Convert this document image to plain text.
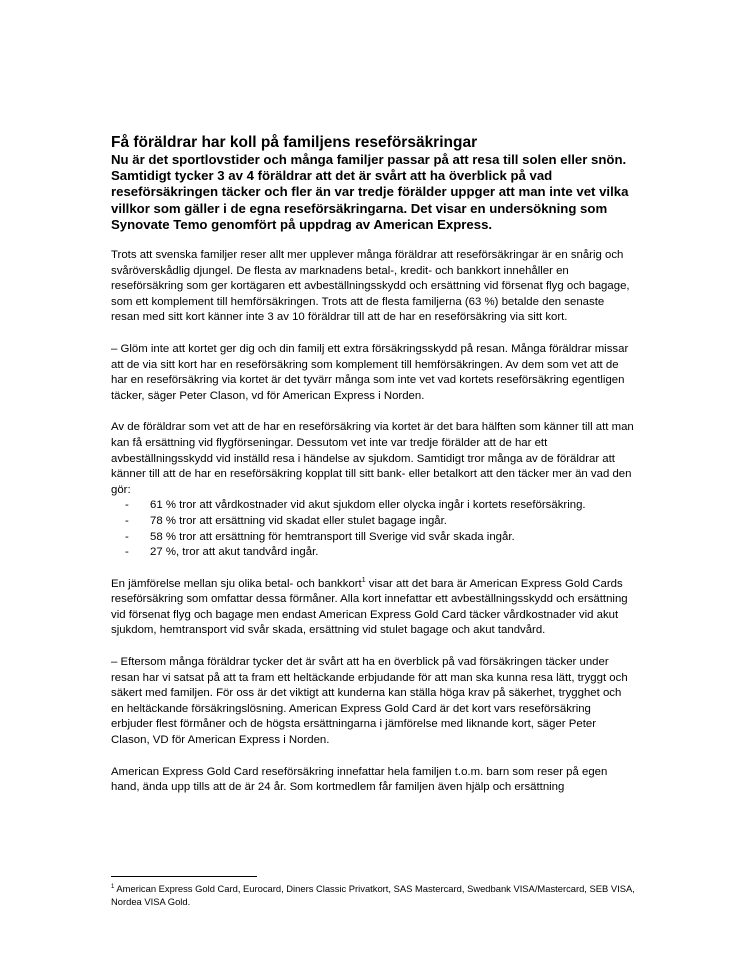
Få föräldrar har koll på familjens reseförsäkringar

Nu är det sportlovstider och många familjer passar på att resa till solen eller snön. Samtidigt tycker 3 av 4 föräldrar att det är svårt att ha överblick på vad reseförsäkringen täcker och fler än var tredje förälder uppger att man inte vet vilka villkor som gäller i de egna reseförsäkringarna. Det visar en undersökning som Synovate Temo genomfört på uppdrag av American Express.

Trots att svenska familjer reser allt mer upplever många föräldrar att reseförsäkringar är en snårig och svåröverskådlig djungel. De flesta av marknadens betal-, kredit- och bankkort innehåller en reseförsäkring som ger kortägaren ett avbeställningsskydd och ersättning vid försenat flyg och bagage, som ett komplement till hemförsäkringen. Trots att de flesta familjerna (63 %) betalde den senaste resan med sitt kort känner inte 3 av 10 föräldrar till att de har en reseförsäkring via sitt kort.

– Glöm inte att kortet ger dig och din familj ett extra försäkringsskydd på resan. Många föräldrar missar att de via sitt kort har en reseförsäkring som komplement till hemförsäkringen. Av dem som vet att de har en reseförsäkring via kortet är det tyvärr många som inte vet vad kortets reseförsäkring egentligen täcker, säger Peter Clason, vd för American Express i Norden.

Av de föräldrar som vet att de har en reseförsäkring via kortet är det bara hälften som känner till att man kan få ersättning vid flygförseningar. Dessutom vet inte var tredje förälder att de har ett avbeställningsskydd vid inställd resa i händelse av sjukdom. Samtidigt tror många av de föräldrar att känner till att de har en reseförsäkring kopplat till sitt bank- eller betalkort att den täcker mer än vad den gör:

- 61 % tror att vårdkostnader vid akut sjukdom eller olycka ingår i kortets reseförsäkring.
- 78 % tror att ersättning vid skadat eller stulet bagage ingår.
- 58 % tror att ersättning för hemtransport till Sverige vid svår skada ingår.
- 27 %, tror att akut tandvård ingår.

En jämförelse mellan sju olika betal- och bankkort$^1$ visar att det bara är American Express Gold Cards reseförsäkring som omfattar dessa förmåner. Alla kort innefattar ett avbeställningsskydd och ersättning vid försenat flyg och bagage men endast American Express Gold Card täcker vårdkostnader vid akut sjukdom, hemtransport vid svår skada, ersättning vid stulet bagage och akut tandvård.

– Eftersom många föräldrar tycker det är svårt att ha en överblick på vad försäkringen täcker under resan har vi satsat på att ta fram ett heltäckande erbjudande för att man ska kunna resa lätt, tryggt och säkert med familjen. För oss är det viktigt att kunderna kan ställa höga krav på säkerhet, trygghet och en heltäckande försäkringslösning. American Express Gold Card är det kort vars reseförsäkring erbjuder flest förmåner och de högsta ersättningarna i jämförelse med liknande kort, säger Peter Clason, VD för American Express i Norden.

American Express Gold Card reseförsäkring innefattar hela familjen t.o.m. barn som reser på egen hand, ända upp tills att de är 24 år. Som kortmedlem får familjen även hjälp och ersättning

$^1$ American Express Gold Card, Eurocard, Diners Classic Privatkort, SAS Mastercard, Swedbank VISA/Mastercard, SEB VISA, Nordea VISA Gold.
